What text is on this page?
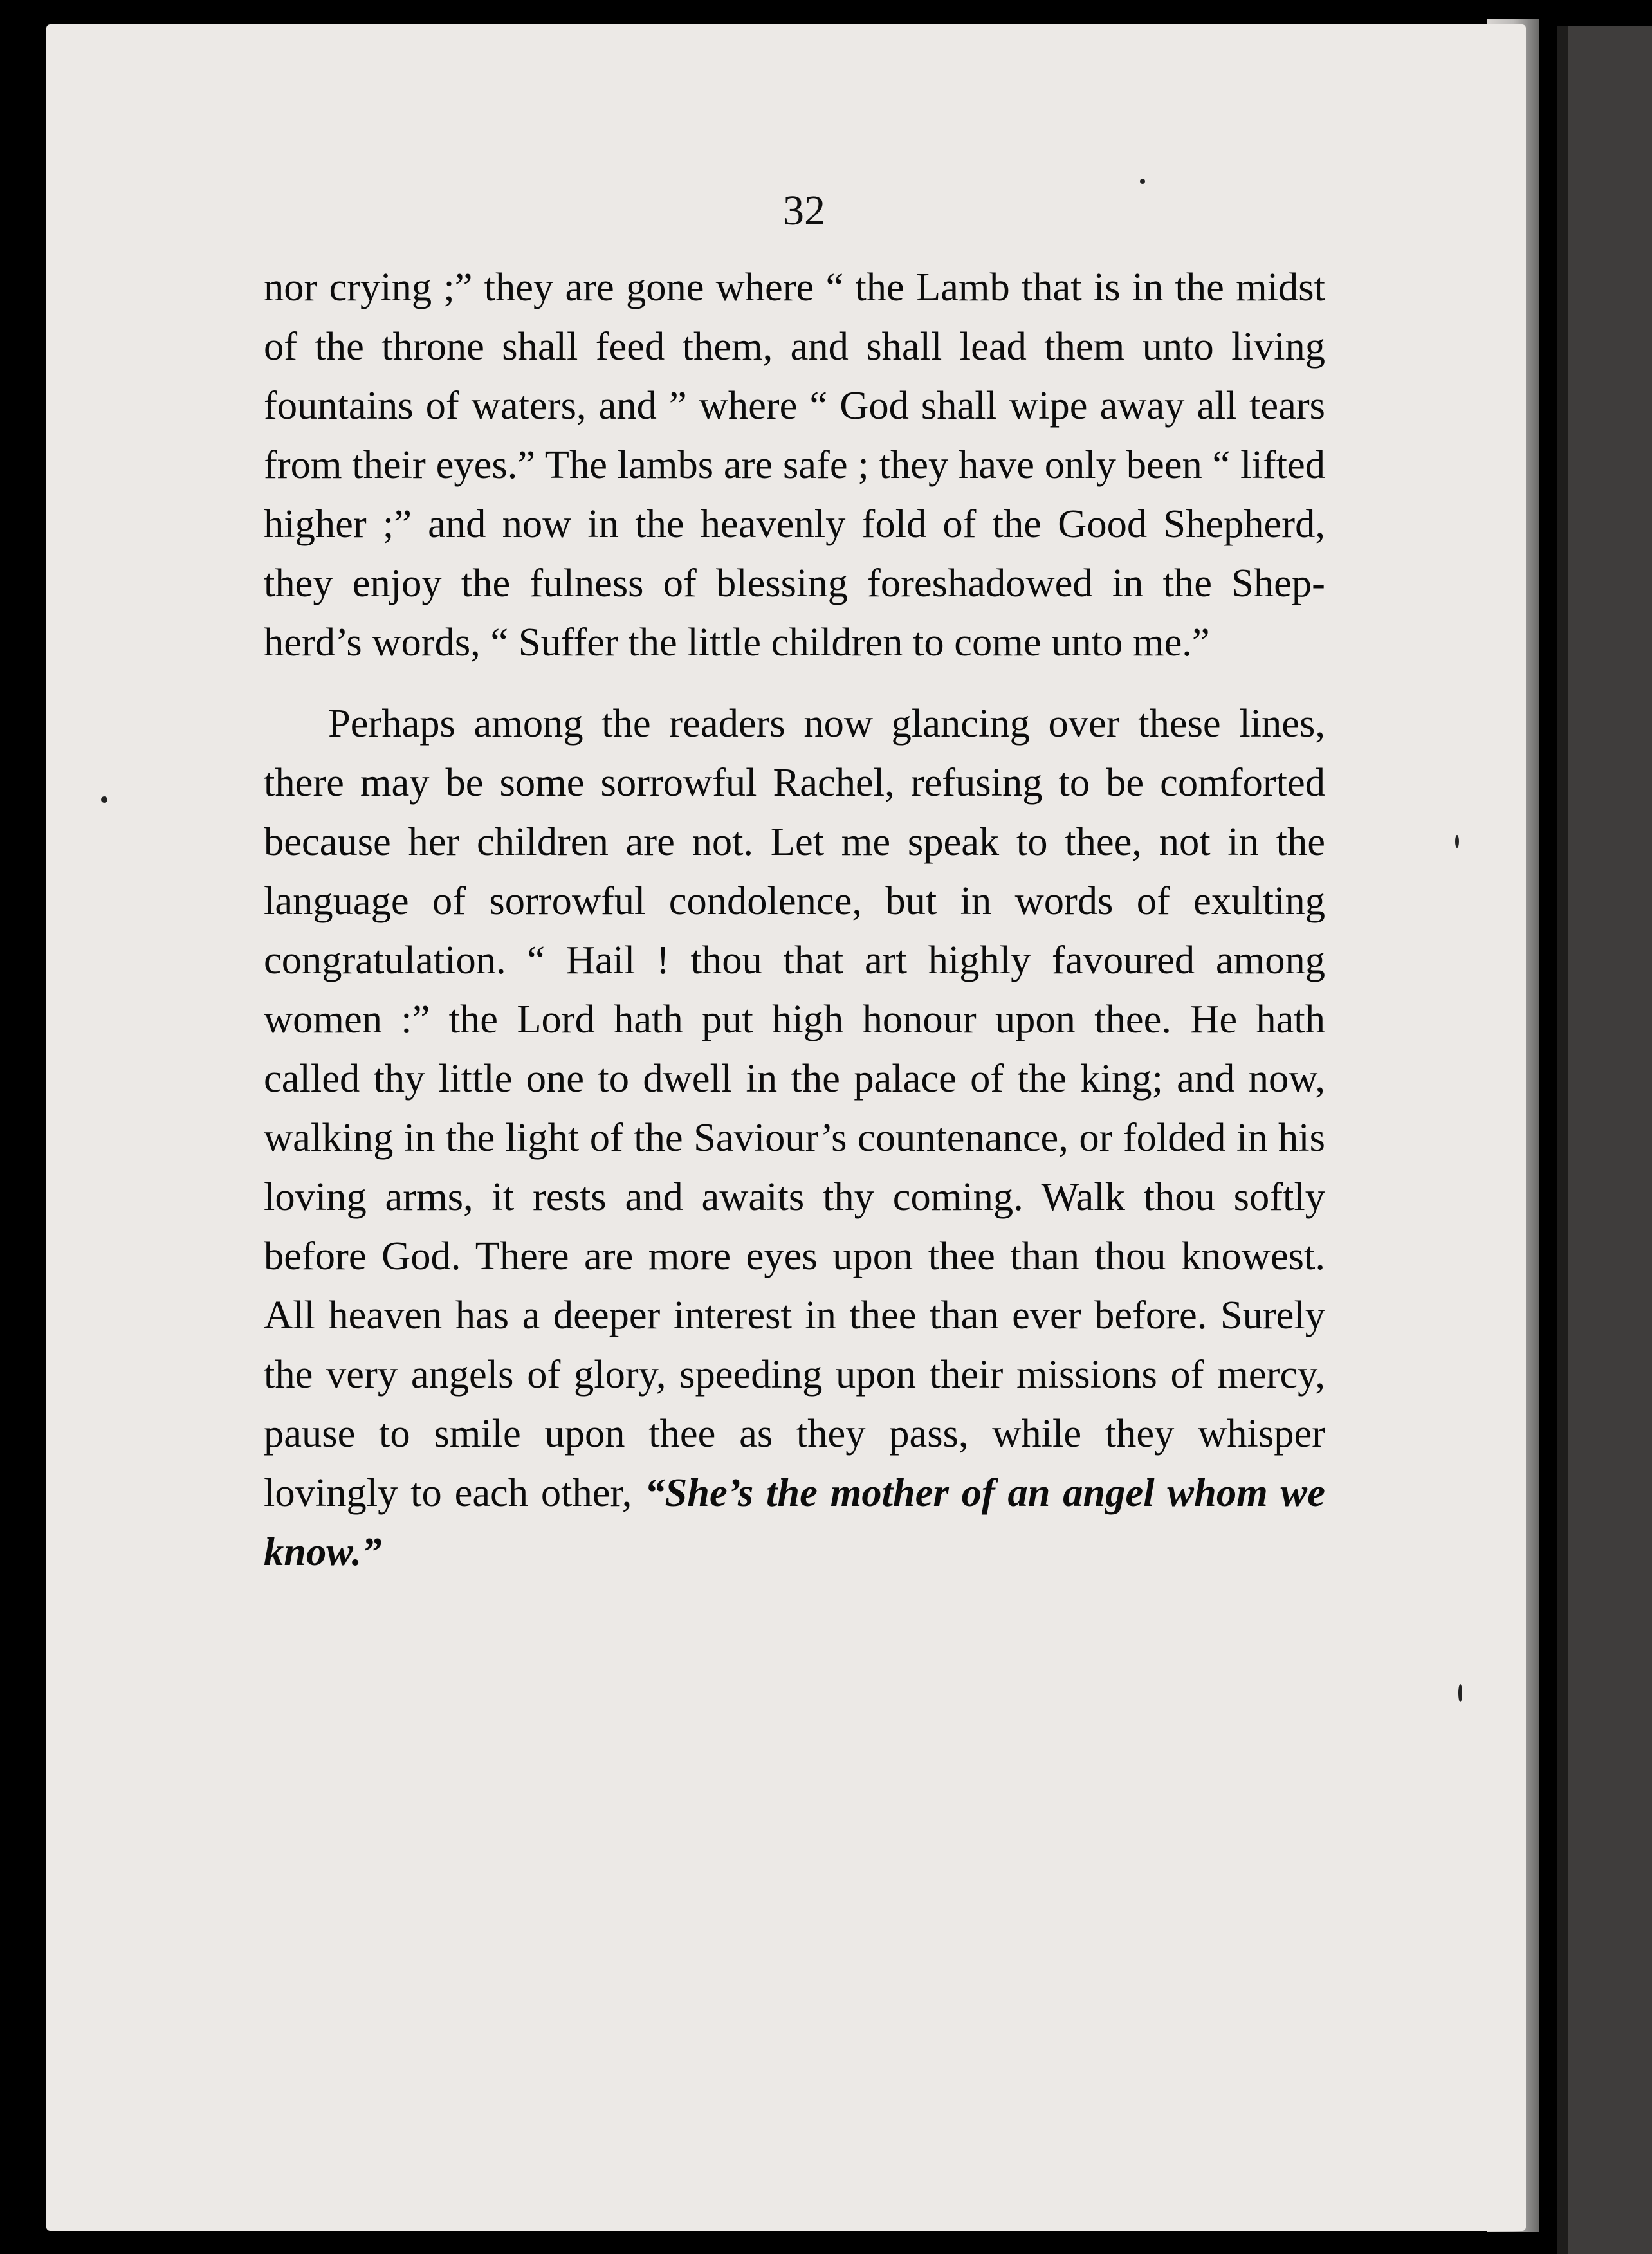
32

nor crying ;” they are gone where “ the Lamb that is in the midst of the throne shall feed them, and shall lead them unto living fountains of waters, and ” where “ God shall wipe away all tears from their eyes.” The lambs are safe ; they have only been “ lifted higher ;” and now in the heavenly fold of the Good Shepherd, they enjoy the fulness of blessing foreshadowed in the Shepherd’s words, “ Suffer the little children to come unto me.”

Perhaps among the readers now glancing over these lines, there may be some sorrowful Rachel, refusing to be comforted because her children are not. Let me speak to thee, not in the language of sorrowful condolence, but in words of exulting congratulation. “ Hail ! thou that art highly favoured among women :” the Lord hath put high honour upon thee. He hath called thy little one to dwell in the palace of the king; and now, walking in the light of the Saviour’s countenance, or folded in his loving arms, it rests and awaits thy coming. Walk thou softly before God. There are more eyes upon thee than thou knowest. All heaven has a deeper interest in thee than ever before. Surely the very angels of glory, speeding upon their missions of mercy, pause to smile upon thee as they pass, while they whisper lovingly to each other, “She’s the mother of an angel whom we know.”
